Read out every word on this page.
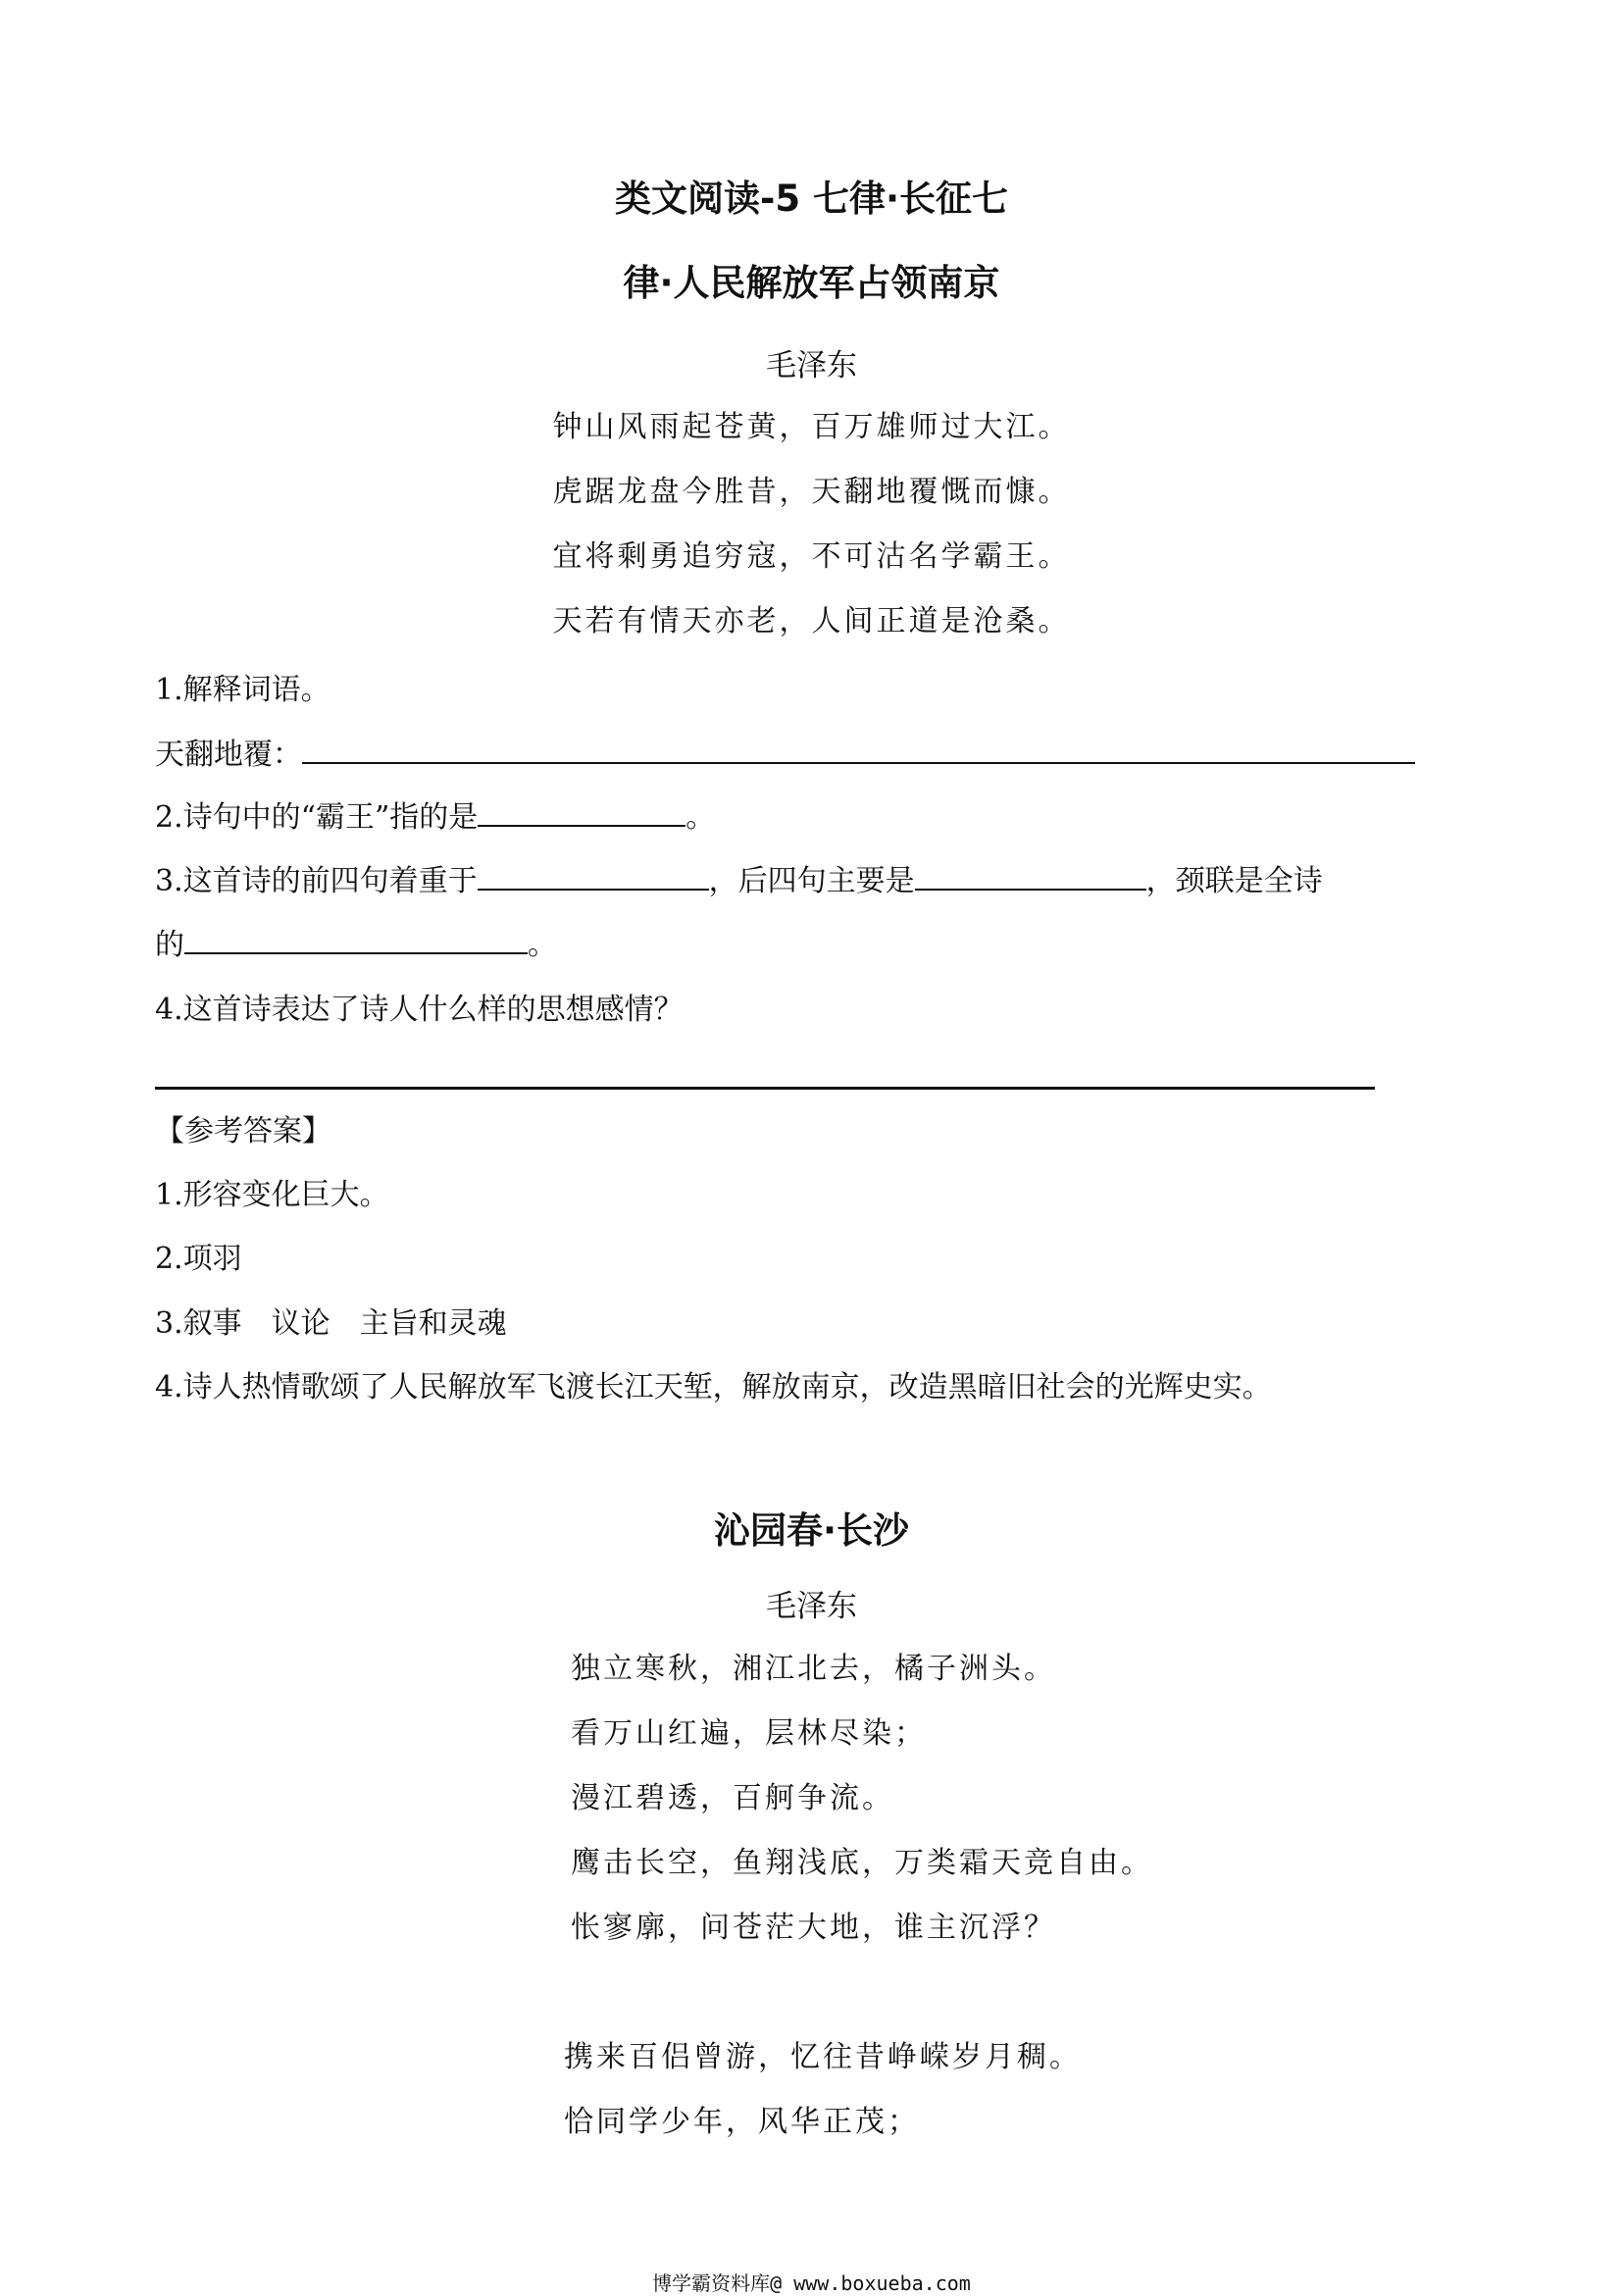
类文阅读-5 七律·长征七
律·人民解放军占领南京
毛泽东
钟山风雨起苍黄，百万雄师过大江。
虎踞龙盘今胜昔，天翻地覆慨而慷。
宜将剩勇追穷寇，不可沽名学霸王。
天若有情天亦老，人间正道是沧桑。
1.解释词语。
天翻地覆：
2.诗句中的“霸王”指的是	。
3.这首诗的前四句着重于	，后四句主要是	，颈联是全诗
的	。
4.这首诗表达了诗人什么样的思想感情？
【参考答案】
1.形容变化巨大。
2.项羽
3.叙事　议论　主旨和灵魂
4.诗人热情歌颂了人民解放军飞渡长江天堑，解放南京，改造黑暗旧社会的光辉史实。
沁园春·长沙
毛泽东
独立寒秋，湘江北去，橘子洲头。
看万山红遍，层林尽染；
漫江碧透，百舸争流。
鹰击长空，鱼翔浅底，万类霜天竞自由。
怅寥廓，问苍茫大地，谁主沉浮？
携来百侣曾游，忆往昔峥嵘岁月稠。
恰同学少年，风华正茂；
博学霸资料库@ www.boxueba.com
